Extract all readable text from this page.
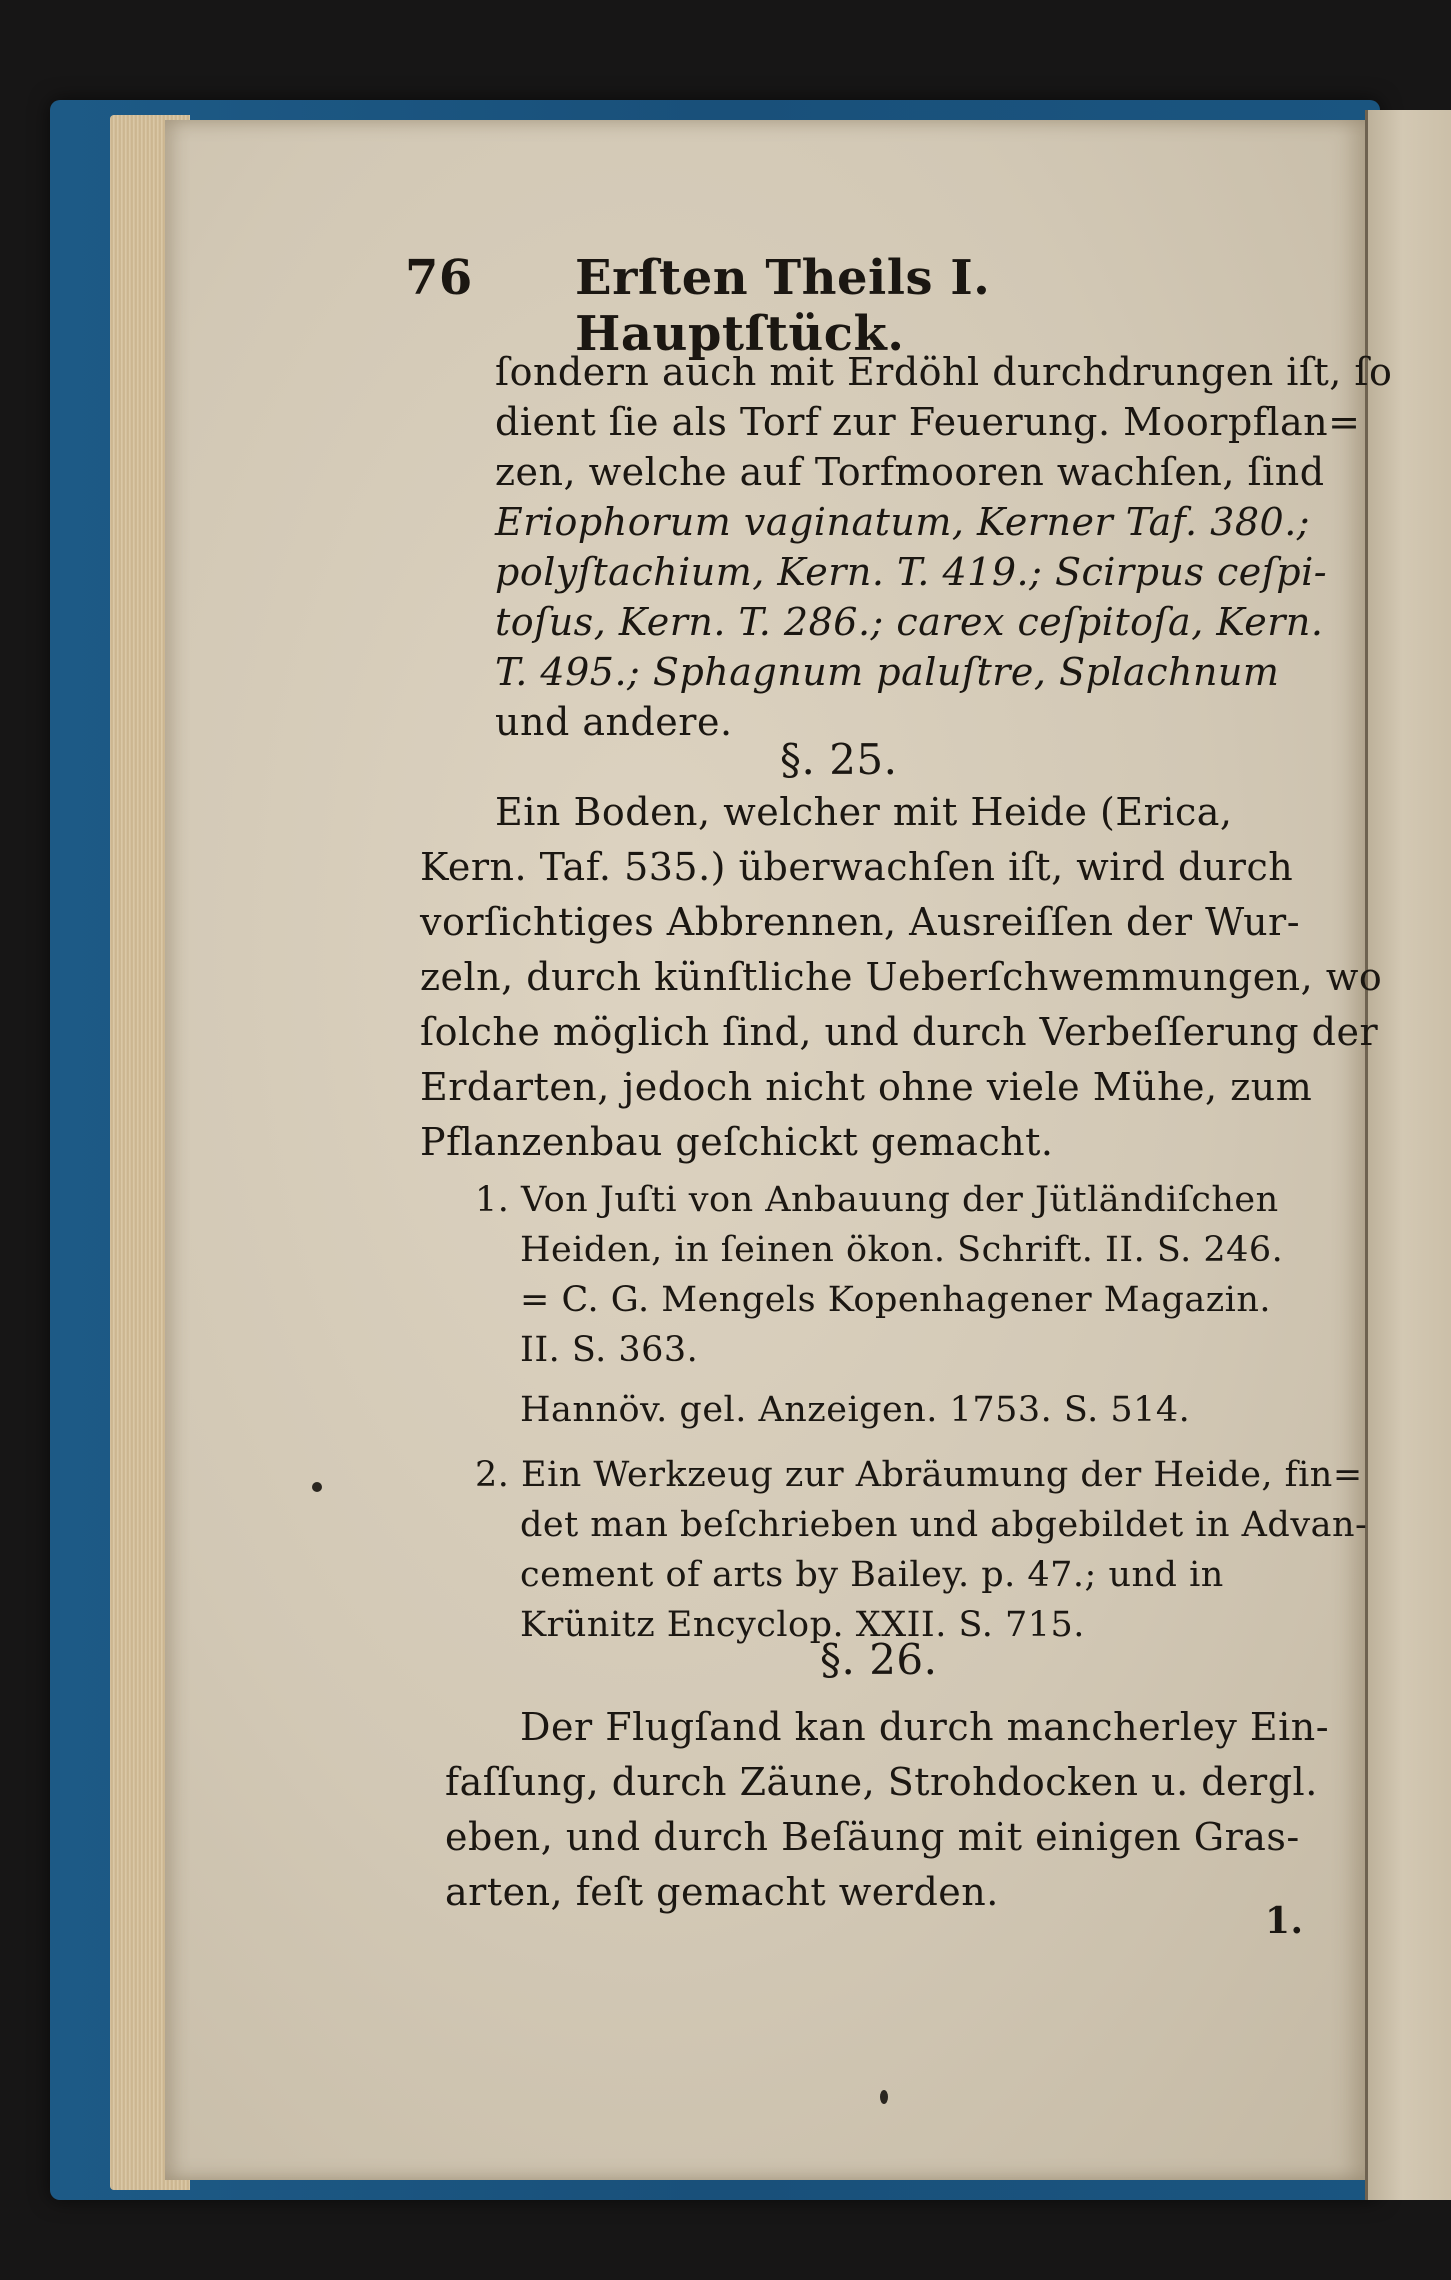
76 Erſten Theils I. Hauptſtück.
ſondern auch mit Erdöhl durchdrungen iſt, ſo
dient ſie als Torf zur Feuerung. Moorpflan=
zen, welche auf Torfmooren wachſen, ſind
Eriophorum vaginatum, Kerner Taf. 380.;
polyſtachium, Kern. T. 419.; Scirpus ceſpi-
toſus, Kern. T. 286.; carex ceſpitoſa, Kern.
T. 495.; Sphagnum paluſtre, Splachnum
und andere.
§. 25.
Ein Boden, welcher mit Heide (Erica,
Kern. Taf. 535.) überwachſen iſt, wird durch
vorſichtiges Abbrennen, Ausreiſſen der Wur-
zeln, durch künſtliche Ueberſchwemmungen, wo
ſolche möglich ſind, und durch Verbeſſerung der
Erdarten, jedoch nicht ohne viele Mühe, zum
Pflanzenbau geſchickt gemacht.
1. Von Juſti von Anbauung der Jütländiſchen
Heiden, in ſeinen ökon. Schrift. II. S. 246.
= C. G. Mengels Kopenhagener Magazin.
II. S. 363.
Hannöv. gel. Anzeigen. 1753. S. 514.
2. Ein Werkzeug zur Abräumung der Heide, fin=
det man beſchrieben und abgebildet in Advan-
cement of arts by Bailey. p. 47.; und in
Krünitz Encyclop. XXII. S. 715.
§. 26.
Der Flugſand kan durch mancherley Ein-
faſſung, durch Zäune, Strohdocken u. dergl.
eben, und durch Beſäung mit einigen Gras-
arten, feſt gemacht werden.
1.
